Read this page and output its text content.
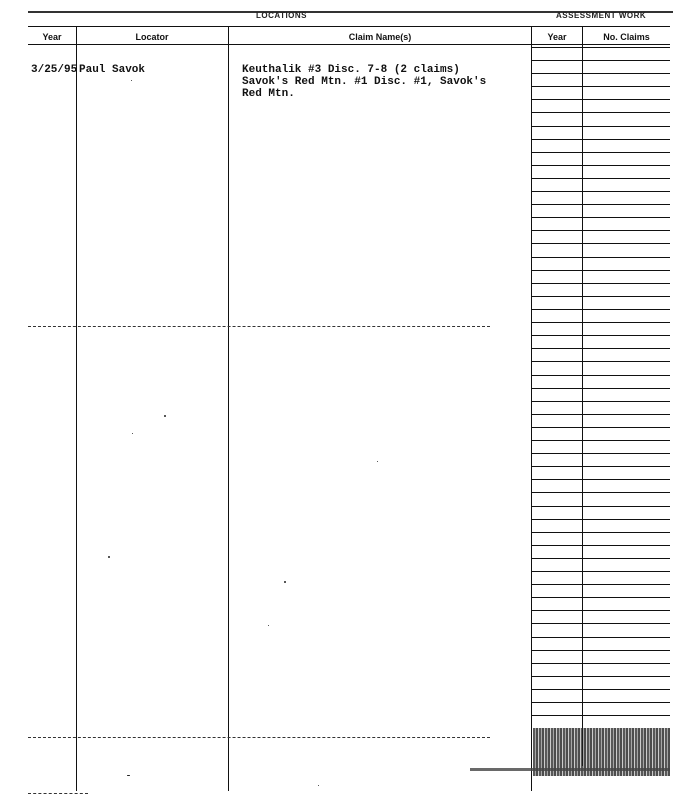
LOCATIONS	ASSESSMENT WORK
Year	Locator	Claim Name(s)	Year	No. Claims
3/25/95 Paul Savok	Keuthalik #3 Disc. 7-8 (2 claims)
Savok's Red Mtn. #1 Disc. #1, Savok's
Red Mtn.
